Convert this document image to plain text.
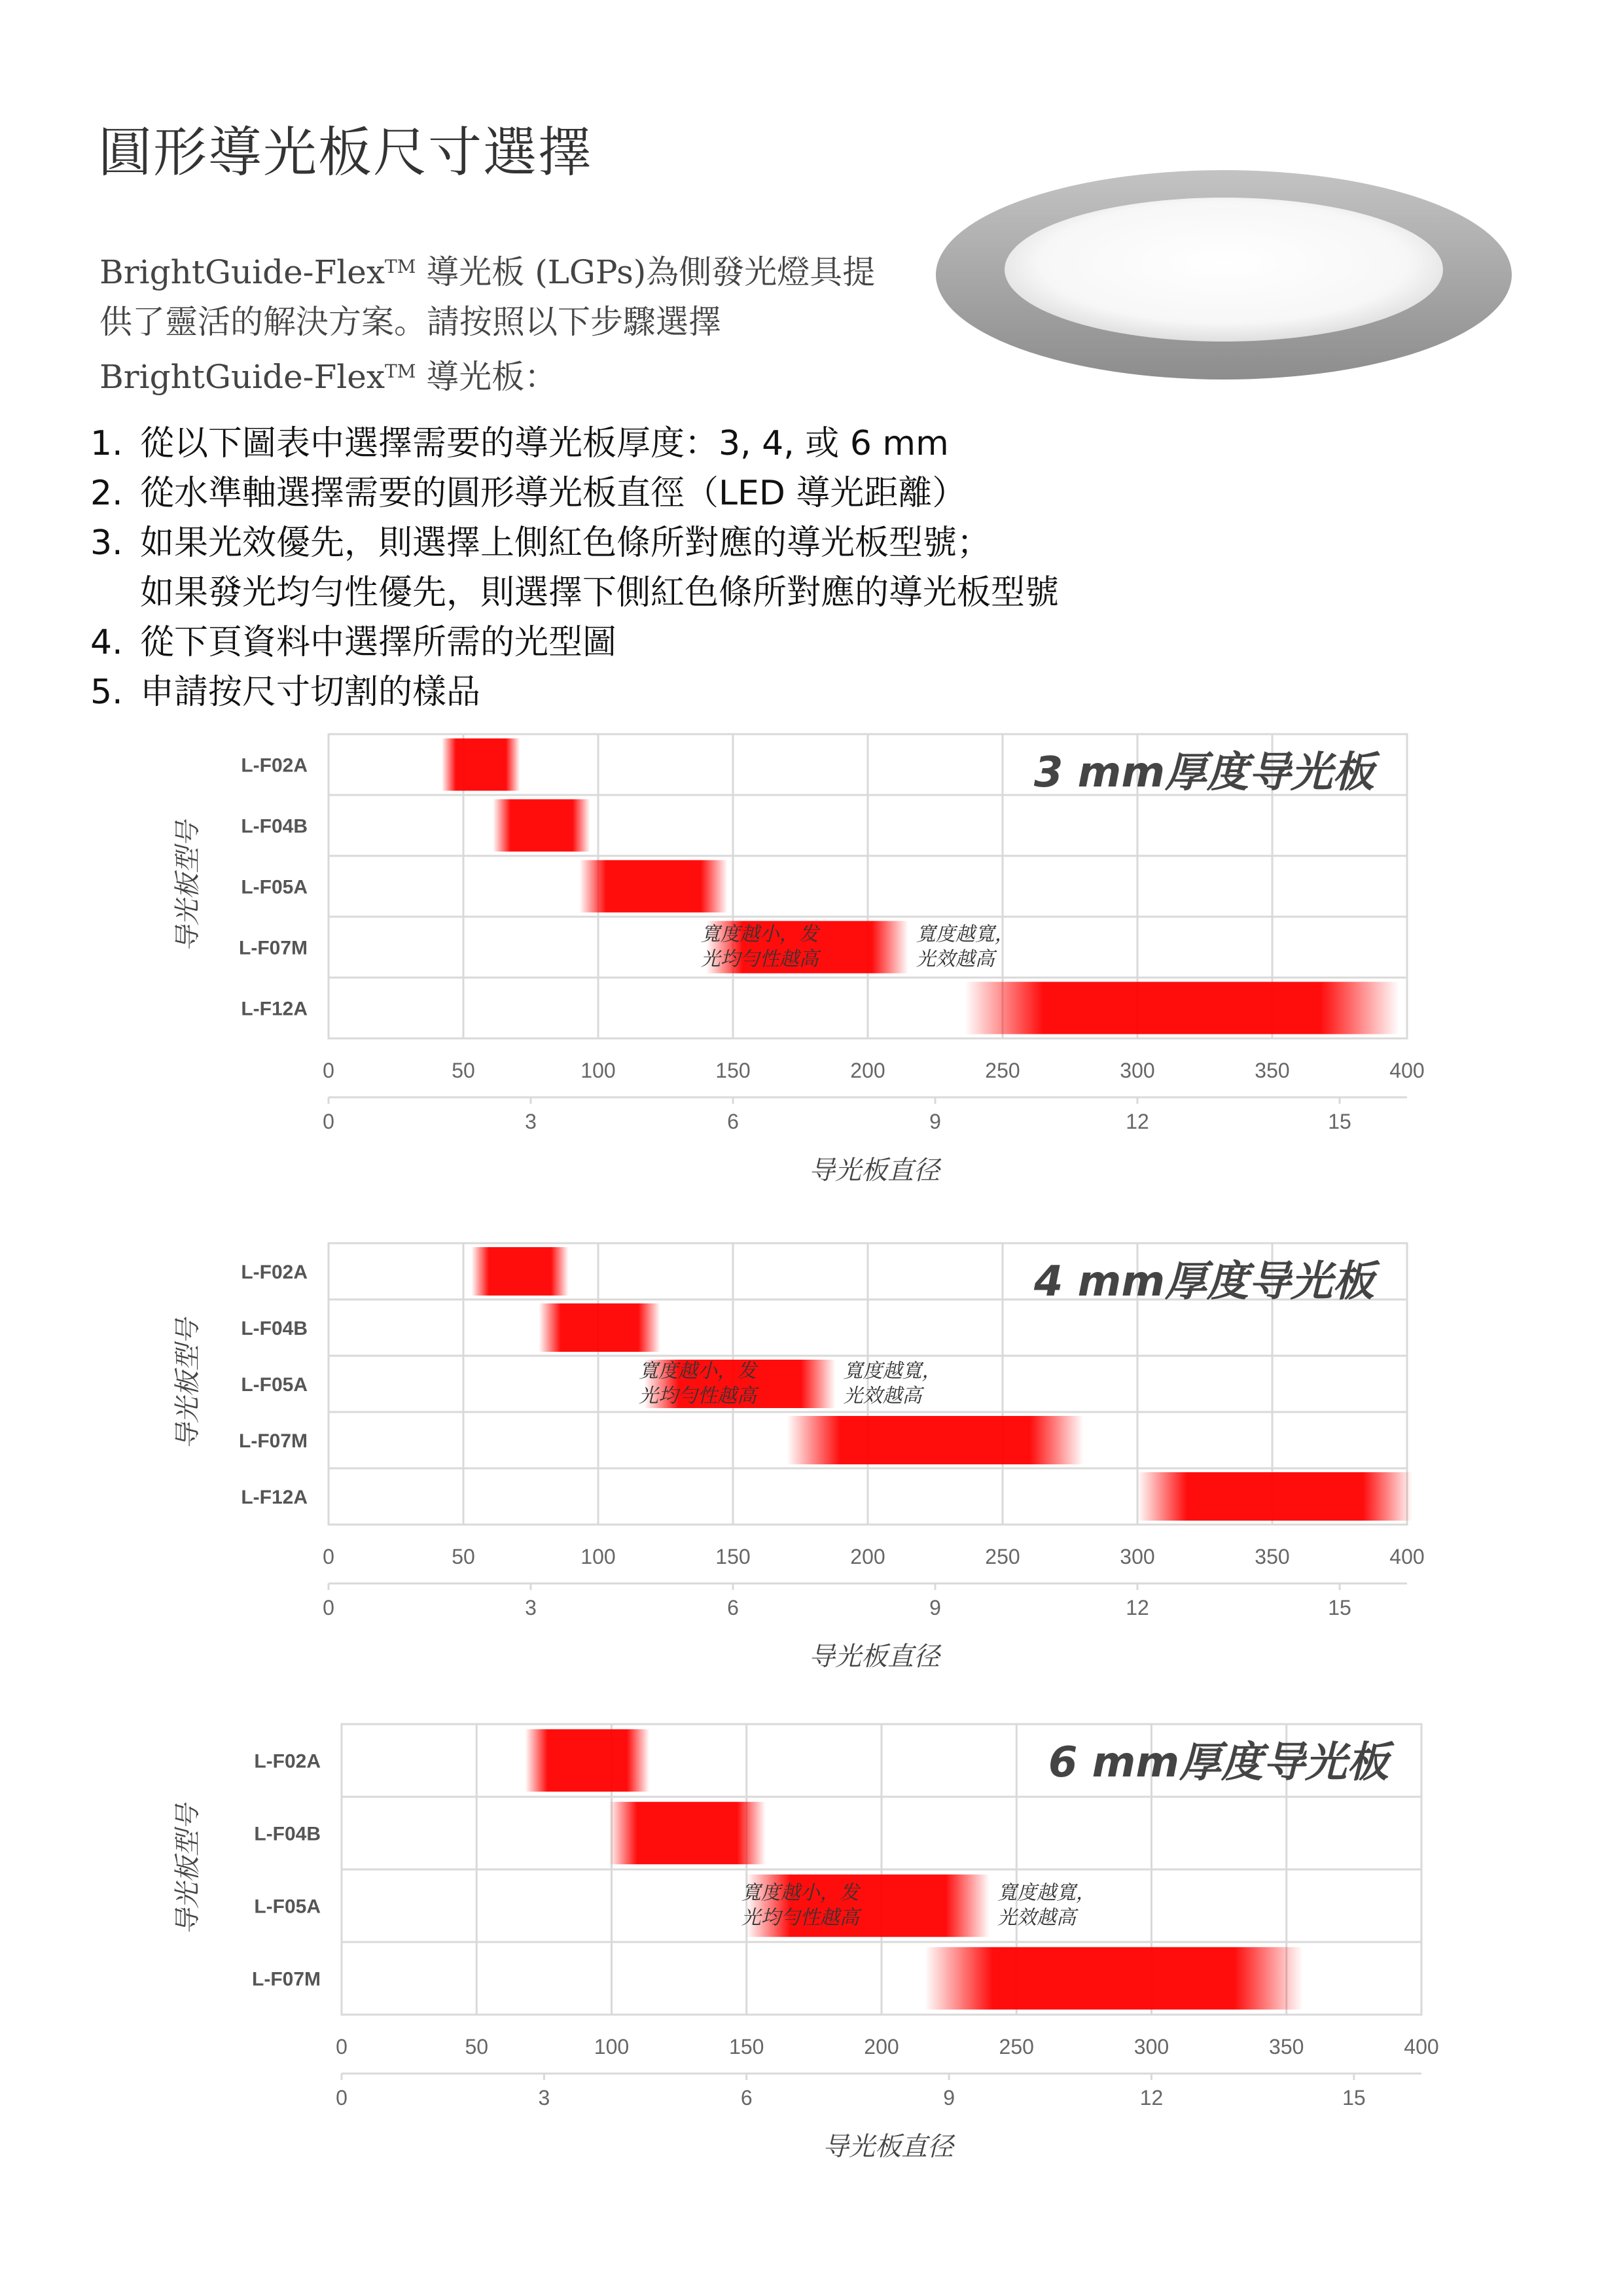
圓形導光板尺寸選擇
BrightGuide-Flex™ 導光板 (LGPs)為側發光燈具提
供了靈活的解決方案。請按照以下步驟選擇
BrightGuide-Flex™ 導光板：
1. 從以下圖表中選擇需要的導光板厚度：3, 4, 或 6 mm
2. 從水準軸選擇需要的圓形導光板直徑（LED 導光距離）
3. 如果光效優先，則選擇上側紅色條所對應的導光板型號；
如果發光均勻性優先，則選擇下側紅色條所對應的導光板型號
4. 從下頁資料中選擇所需的光型圖
5. 申請按尺寸切割的樣品
L-F02A
L-F04B
L-F05A
L-F07M
L-F12A
寬度越小，发
光均勻性越高
寬度越寬，
光效越高
3 mm厚度导光板
0	50	100	150	200	250	300	350	400
0	3	6	9	12	15
导光板直径
导光板型号
L-F02A
L-F04B
L-F05A
L-F07M
L-F12A
寬度越小，发
光均勻性越高
寬度越寬，
光效越高
4 mm厚度导光板
0	50	100	150	200	250	300	350	400
0	3	6	9	12	15
导光板直径
导光板型号
L-F02A
L-F04B
L-F05A
L-F07M
寬度越小，发
光均勻性越高
寬度越寬，
光效越高
6 mm厚度导光板
0	50	100	150	200	250	300	350	400
0	3	6	9	12	15
导光板直径
导光板型号
